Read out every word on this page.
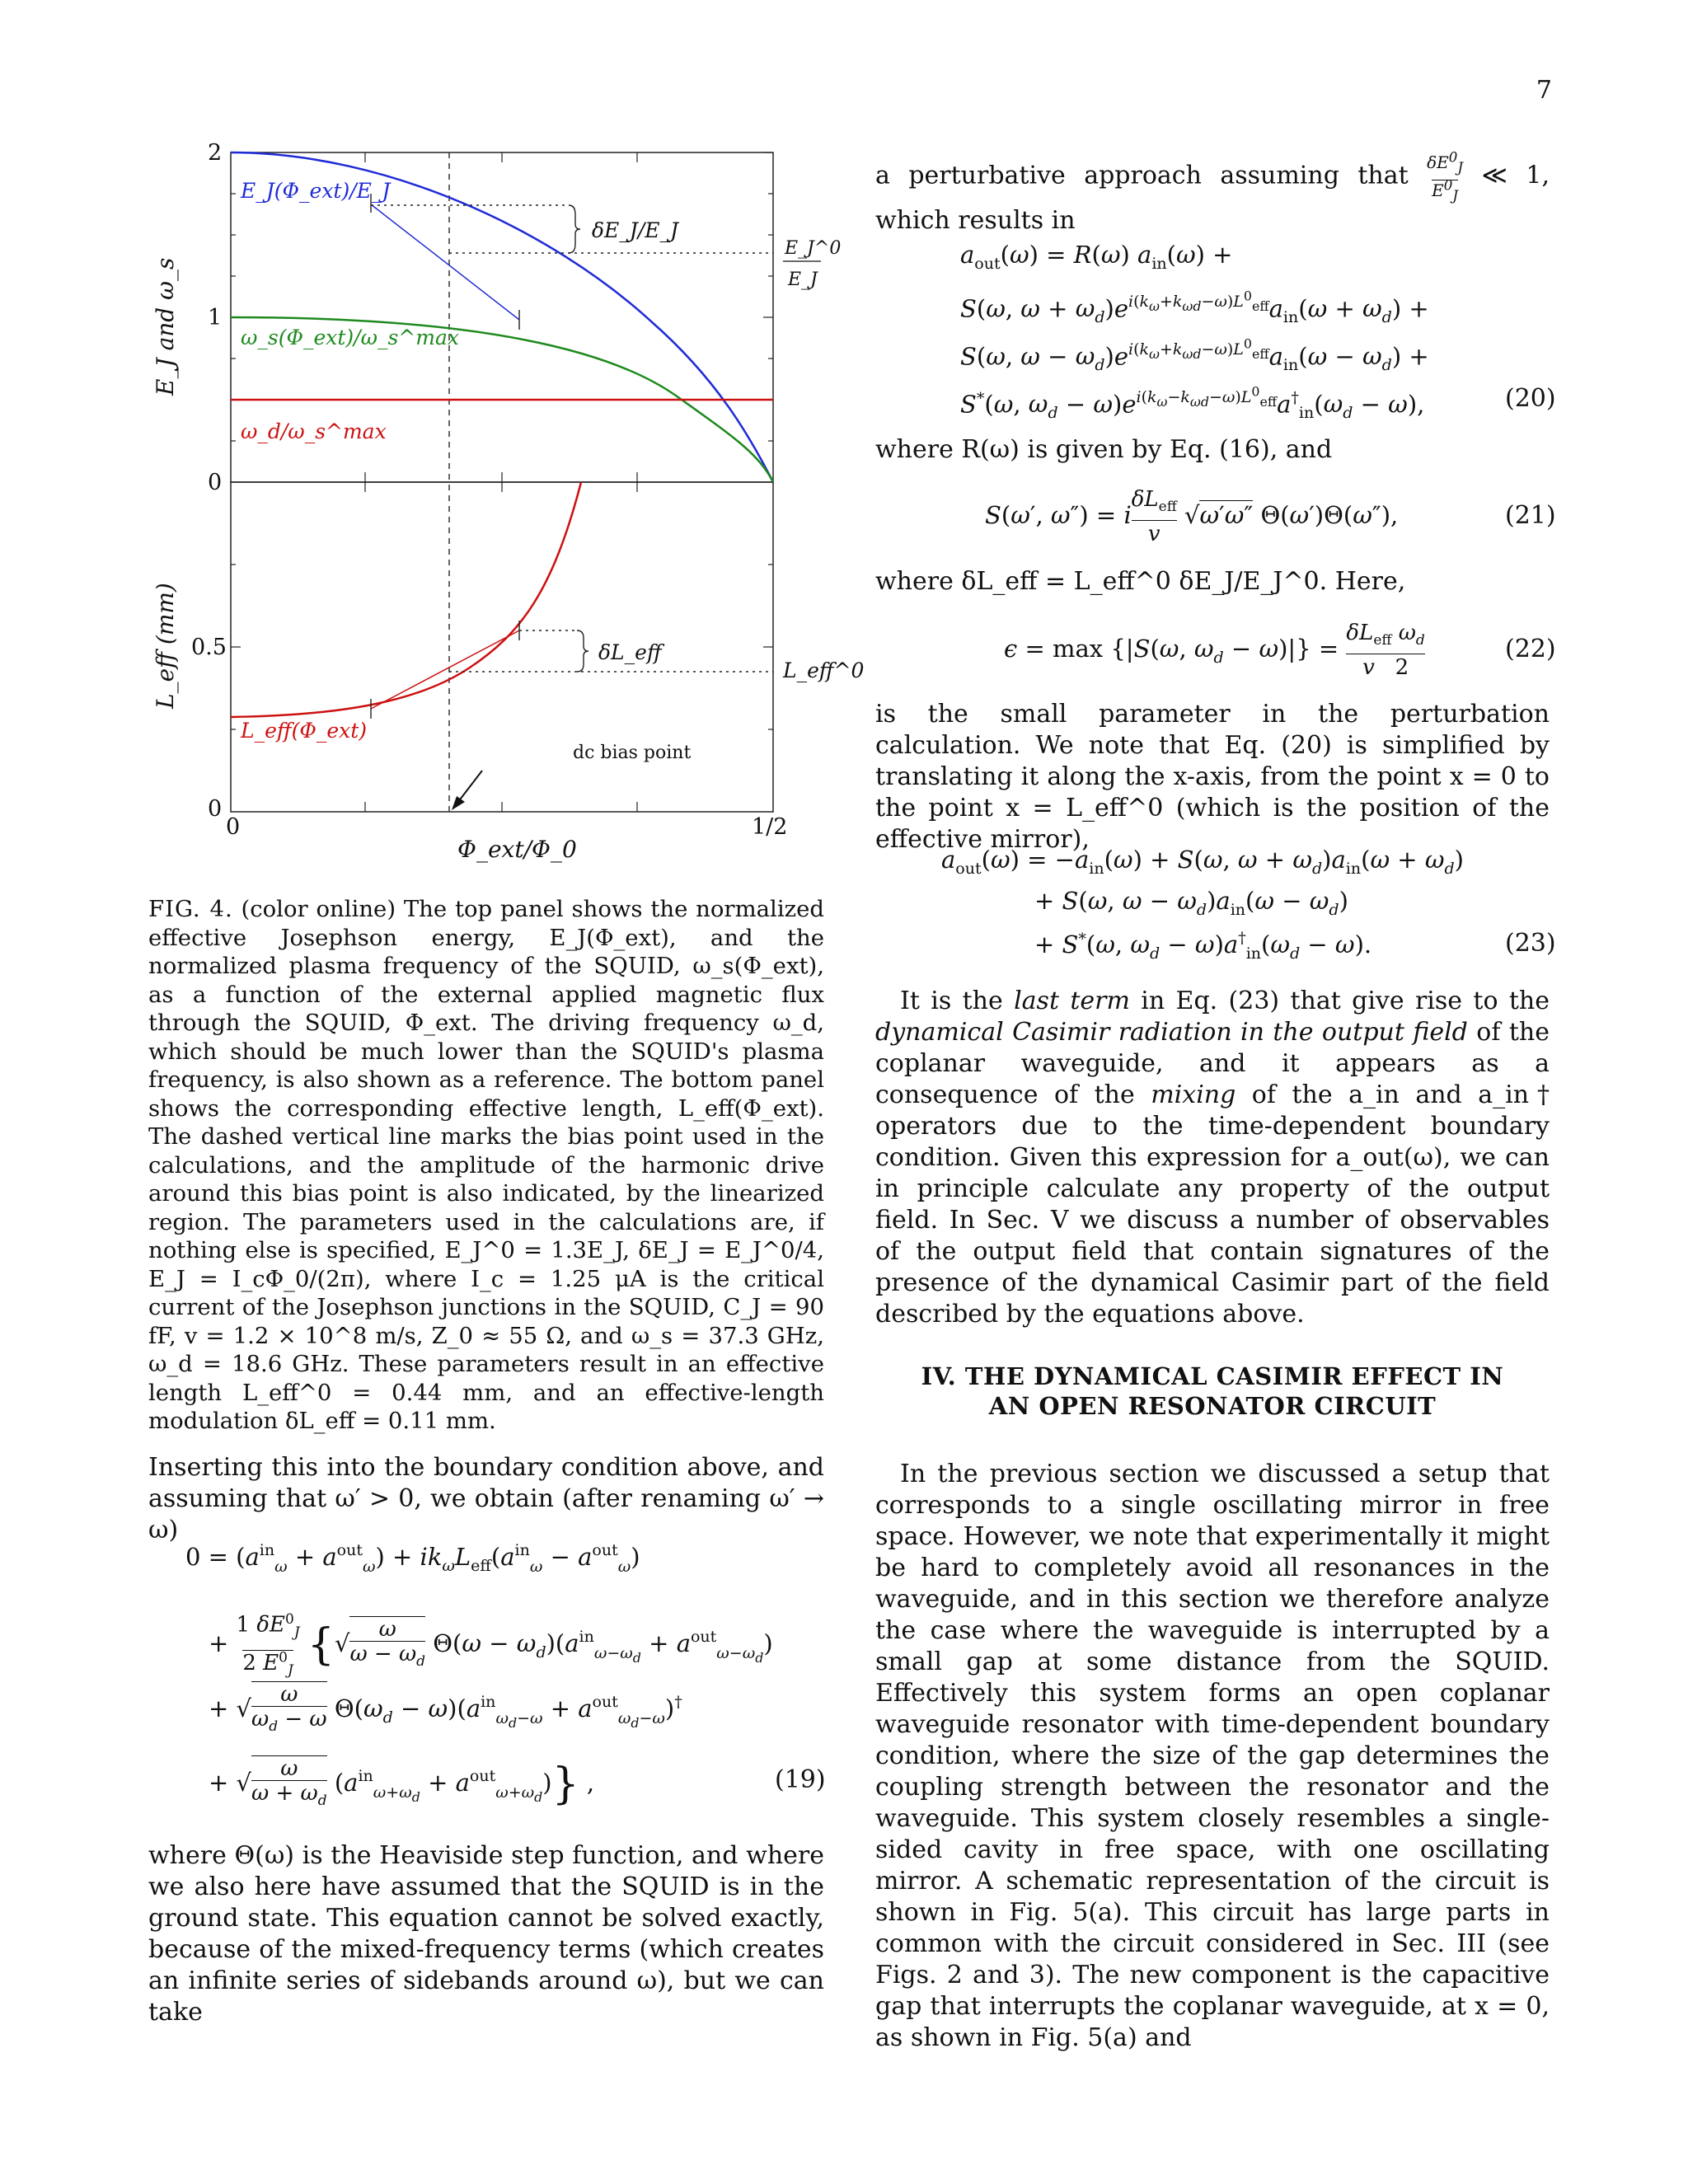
7
2
1
0
0.5
0
0	1/2
E_J(Φ_ext)/E_J
ω_s(Φ_ext)/ω_s^max
ω_d/ω_s^max
δE_J/E_J
E_J^0
E_J
L_eff(Φ_ext)
δL_eff
L_eff^0
dc bias point
E_J and ω_s
L_eff (mm)
Φ_ext/Φ_0
FIG. 4. (color online) The top panel shows the normalized effective Josephson energy, E_J(Φ_ext), and the normalized plasma frequency of the SQUID, ω_s(Φ_ext), as a function of the external applied magnetic flux through the SQUID, Φ_ext. The driving frequency ω_d, which should be much lower than the SQUID's plasma frequency, is also shown as a reference. The bottom panel shows the corresponding effective length, L_eff(Φ_ext). The dashed vertical line marks the bias point used in the calculations, and the amplitude of the harmonic drive around this bias point is also indicated, by the linearized region. The parameters used in the calculations are, if nothing else is specified, E_J^0 = 1.3E_J, δE_J = E_J^0/4, E_J = I_cΦ_0/(2π), where I_c = 1.25 μA is the critical current of the Josephson junctions in the SQUID, C_J = 90 fF, v = 1.2 × 10^8 m/s, Z_0 ≈ 55 Ω, and ω_s = 37.3 GHz, ω_d = 18.6 GHz. These parameters result in an effective length L_eff^0 = 0.44 mm, and an effective-length modulation δL_eff = 0.11 mm.
Inserting this into the boundary condition above, and assuming that ω′ > 0, we obtain (after renaming ω′ → ω)
$0 = (a^{in}_\omega + a^{out}_\omega) + ik_\omega L_{eff}(a^{in}_\omega - a^{out}_\omega)$
+ 1 $\delta E^0_J$
2 $E^0_J$ {$√\frac{\omega}{\omega - \omega_d} \Theta(\omega - \omega_d)(a^{in}_{\omega-\omega_d} + a^{out}_{\omega-\omega_d})$
+ $√\frac{\omega}{\omega_d - \omega} \Theta(\omega_d - \omega)(a^{in}_{\omega_d-\omega} + a^{out}_{\omega_d-\omega})^\dagger$
+ $√\frac{\omega}{\omega + \omega_d} (a^{in}_{\omega+\omega_d} + a^{out}_{\omega+\omega_d})$} ,	(19)
where Θ(ω) is the Heaviside step function, and where we also here have assumed that the SQUID is in the ground state. This equation cannot be solved exactly, because of the mixed-frequency terms (which creates an infinite series of sidebands around ω), but we can take
a perturbative approach assuming that $\frac{\delta E^0_J}{E^0_J}$ ≪ 1, which results in
$a_{out}(\omega) = R(\omega) a_{in}(\omega)$ +
S(ω, $\omega + \omega_d)e^{i(k_\omega+k_{\omega d}-\omega)L^0_{eff}}a_{in}(\omega + \omega_d)$ +
S(ω, $\omega - \omega_d)e^{i(k_\omega+k_{\omega d}-\omega)L^0_{eff}}a_{in}(\omega - \omega_d)$ +
S*(ω, $\omega_d - \omega)e^{i(k_\omega-k_{\omega d}-\omega)L^0_{eff}}a^\dagger_{in}(\omega_d - \omega)$,	(20)
where R(ω) is given by Eq. (16), and
S(ω′, ω″) = iδL$_{eff}$
v √ω′ω″ Θ(ω′)Θ(ω″),	(21)
where δL_eff = L_eff^0 δE_J/E_J^0. Here,
ϵ = max {|S(ω, $\omega_d - \omega)|\} = \delta L_{eff}$ $\omega_d$
v   2
(22)
is the small parameter in the perturbation calculation. We note that Eq. (20) is simplified by translating it along the x-axis, from the point x = 0 to the point x = L_eff^0 (which is the position of the effective mirror),
$a_{out}(\omega) = -a_{in}(\omega) + S(\omega$, $\omega + \omega_d)a_{in}(\omega + \omega_d)$
+ S(ω, $\omega - \omega_d)a_{in}(\omega - \omega_d)$
+ S*(ω, $\omega_d - \omega)a^\dagger_{in}(\omega_d - \omega)$.	(23)
It is the last term in Eq. (23) that give rise to the dynamical Casimir radiation in the output field of the coplanar waveguide, and it appears as a consequence of the mixing of the a_in and a_in† operators due to the time-dependent boundary condition. Given this expression for a_out(ω), we can in principle calculate any property of the output field. In Sec. V we discuss a number of observables of the output field that contain signatures of the presence of the dynamical Casimir part of the field described by the equations above.
IV. THE DYNAMICAL CASIMIR EFFECT IN
AN OPEN RESONATOR CIRCUIT
In the previous section we discussed a setup that corresponds to a single oscillating mirror in free space. However, we note that experimentally it might be hard to completely avoid all resonances in the waveguide, and in this section we therefore analyze the case where the waveguide is interrupted by a small gap at some distance from the SQUID. Effectively this system forms an open coplanar waveguide resonator with time-dependent boundary condition, where the size of the gap determines the coupling strength between the resonator and the waveguide. This system closely resembles a single-sided cavity in free space, with one oscillating mirror. A schematic representation of the circuit is shown in Fig. 5(a). This circuit has large parts in common with the circuit considered in Sec. III (see Figs. 2 and 3). The new component is the capacitive gap that interrupts the coplanar waveguide, at x = 0, as shown in Fig. 5(a) and
